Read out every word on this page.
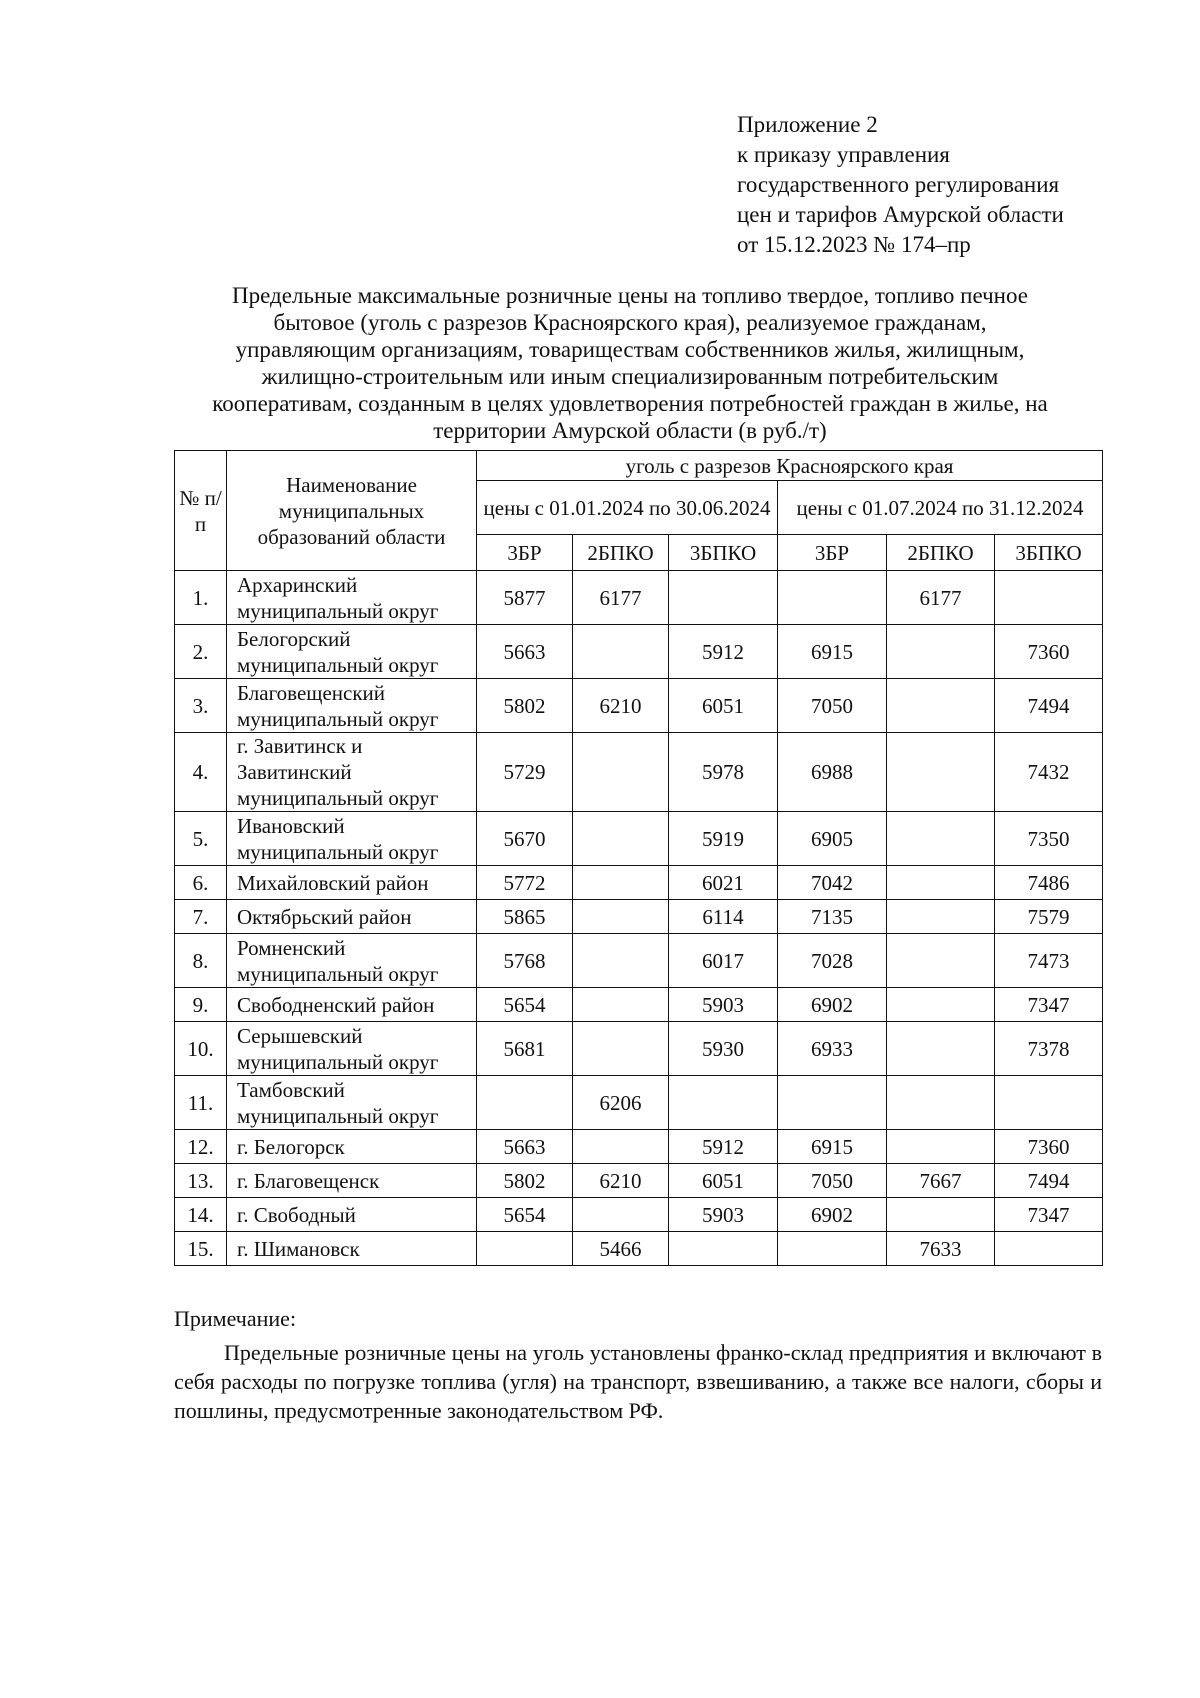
Приложение 2
к приказу управления
государственного регулирования
цен и тарифов Амурской области
от 15.12.2023 № 174–пр
Предельные максимальные розничные цены на топливо твердое, топливо печное
бытовое (уголь с разрезов Красноярского края), реализуемое гражданам,
управляющим организациям, товариществам собственников жилья, жилищным,
жилищно-строительным или иным специализированным потребительским
кооперативам, созданным в целях удовлетворения потребностей граждан в жилье, на
территории Амурской области (в руб./т)
№ п/п	Наименование муниципальных образований области	уголь с разрезов Красноярского края					
		цены с 01.01.2024 по 30.06.2024			цены с 01.07.2024 по 31.12.2024		
		3БР	2БПКО	3БПКО	3БР	2БПКО	3БПКО
1.	Архаринский муниципальный округ	5877	6177			6177	
2.	Белогорский муниципальный округ	5663		5912	6915		7360
3.	Благовещенский муниципальный округ	5802	6210	6051	7050		7494
4.	г. Завитинск и Завитинский муниципальный округ	5729		5978	6988		7432
5.	Ивановский муниципальный округ	5670		5919	6905		7350
6.	Михайловский район	5772		6021	7042		7486
7.	Октябрьский район	5865		6114	7135		7579
8.	Ромненский муниципальный округ	5768		6017	7028		7473
9.	Свободненский район	5654		5903	6902		7347
10.	Серышевский муниципальный округ	5681		5930	6933		7378
11.	Тамбовский муниципальный округ		6206				
12.	г. Белогорск	5663		5912	6915		7360
13.	г. Благовещенск	5802	6210	6051	7050	7667	7494
14.	г. Свободный	5654		5903	6902		7347
15.	г. Шимановск		5466			7633	
Примечание:
Предельные розничные цены на уголь установлены франко-склад предприятия и включают в себя расходы по погрузке топлива (угля) на транспорт, взвешиванию, а также все налоги, сборы и пошлины, предусмотренные законодательством РФ.
